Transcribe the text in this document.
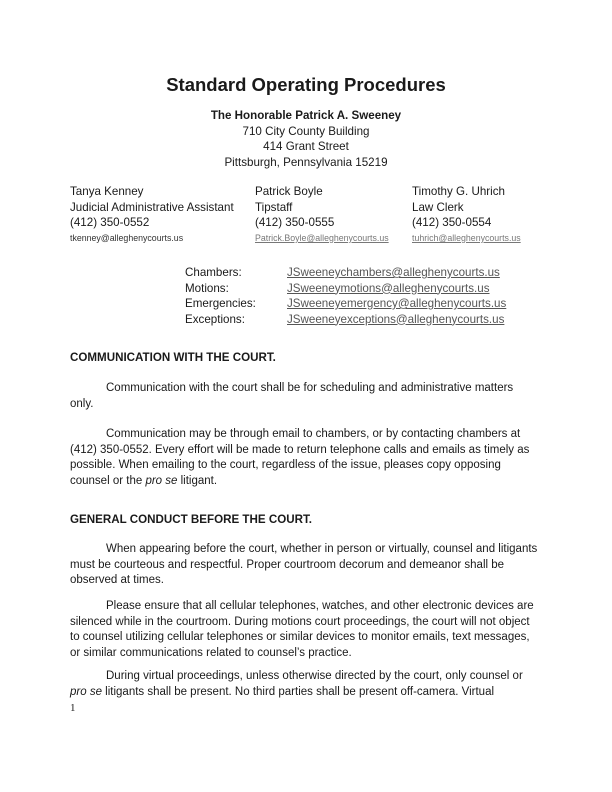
Standard Operating Procedures
The Honorable Patrick A. Sweeney
710 City County Building
414 Grant Street
Pittsburgh, Pennsylvania 15219
Tanya Kenney
Judicial Administrative Assistant
(412) 350-0552
tkenney@alleghenycourts.us
Patrick Boyle
Tipstaff
(412) 350-0555
Patrick.Boyle@alleghenycourts.us
Timothy G. Uhrich
Law Clerk
(412) 350-0554
tuhrich@alleghenycourts.us
Chambers:
Motions:
Emergencies:
Exceptions:
JSweeneychambers@alleghenycourts.us
JSweeneymotions@alleghenycourts.us
JSweeneyemergency@alleghenycourts.us
JSweeneyexceptions@alleghenycourts.us
COMMUNICATION WITH THE COURT.
Communication with the court shall be for scheduling and administrative matters only.
Communication may be through email to chambers, or by contacting chambers at (412) 350-0552. Every effort will be made to return telephone calls and emails as timely as possible. When emailing to the court, regardless of the issue, pleases copy opposing counsel or the pro se litigant.
GENERAL CONDUCT BEFORE THE COURT.
When appearing before the court, whether in person or virtually, counsel and litigants must be courteous and respectful. Proper courtroom decorum and demeanor shall be observed at times.
Please ensure that all cellular telephones, watches, and other electronic devices are silenced while in the courtroom. During motions court proceedings, the court will not object to counsel utilizing cellular telephones or similar devices to monitor emails, text messages, or similar communications related to counsel’s practice.
During virtual proceedings, unless otherwise directed by the court, only counsel or pro se litigants shall be present. No third parties shall be present off-camera. Virtual
1
